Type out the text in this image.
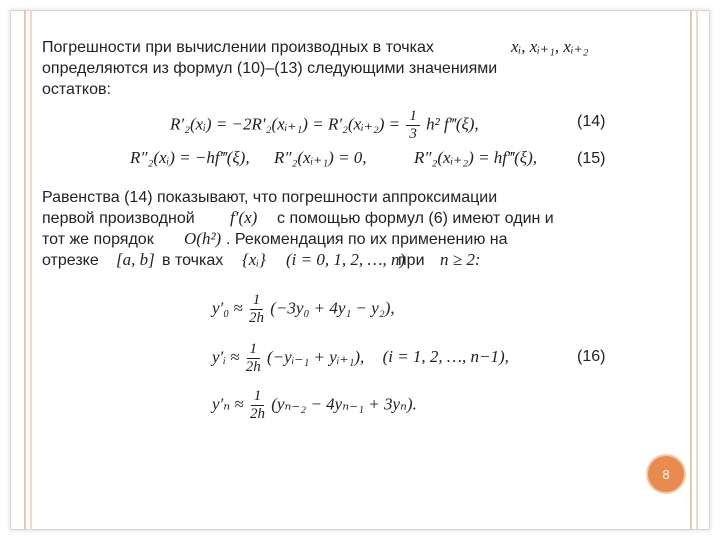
Погрешности при вычислении производных в точках	xᵢ, xᵢ₊₁, xᵢ₊₂
определяются из формул (10)–(13) следующими значениями
остатков:
R′₂(xᵢ) = −2R′₂(xᵢ₊₁) = R′₂(xᵢ₊₂) = $\frac{1}{3} h^2$ f‴(ξ),	(14)
R″₂(xᵢ) = −hf‴(ξ), R″₂(xᵢ₊₁) = 0,	R″₂(xᵢ₊₂) = hf‴(ξ), (15)
Равенства (14) показывают, что погрешности аппроксимации
первой производной f′(x) с помощью формул (6) имеют один и
тот же порядок O(h²) . Рекомендация по их применению на
отрезке [a, b] в точках {xᵢ} (i = 0, 1, 2, …, n)
при n ≥ 2:
$y'_0 \approx \frac{1}{2h} (-3y_0 + 4y_1 - y_2)$,
y′ᵢ ≈ $\frac{1}{2h}$ (−yᵢ₋₁ + yᵢ₊₁), (i = 1, 2, …, n−1),	(16)
$y'_n \approx \frac{1}{2h} (y_{n-2} - 4y_{n-1} + 3y_n)$.
8
